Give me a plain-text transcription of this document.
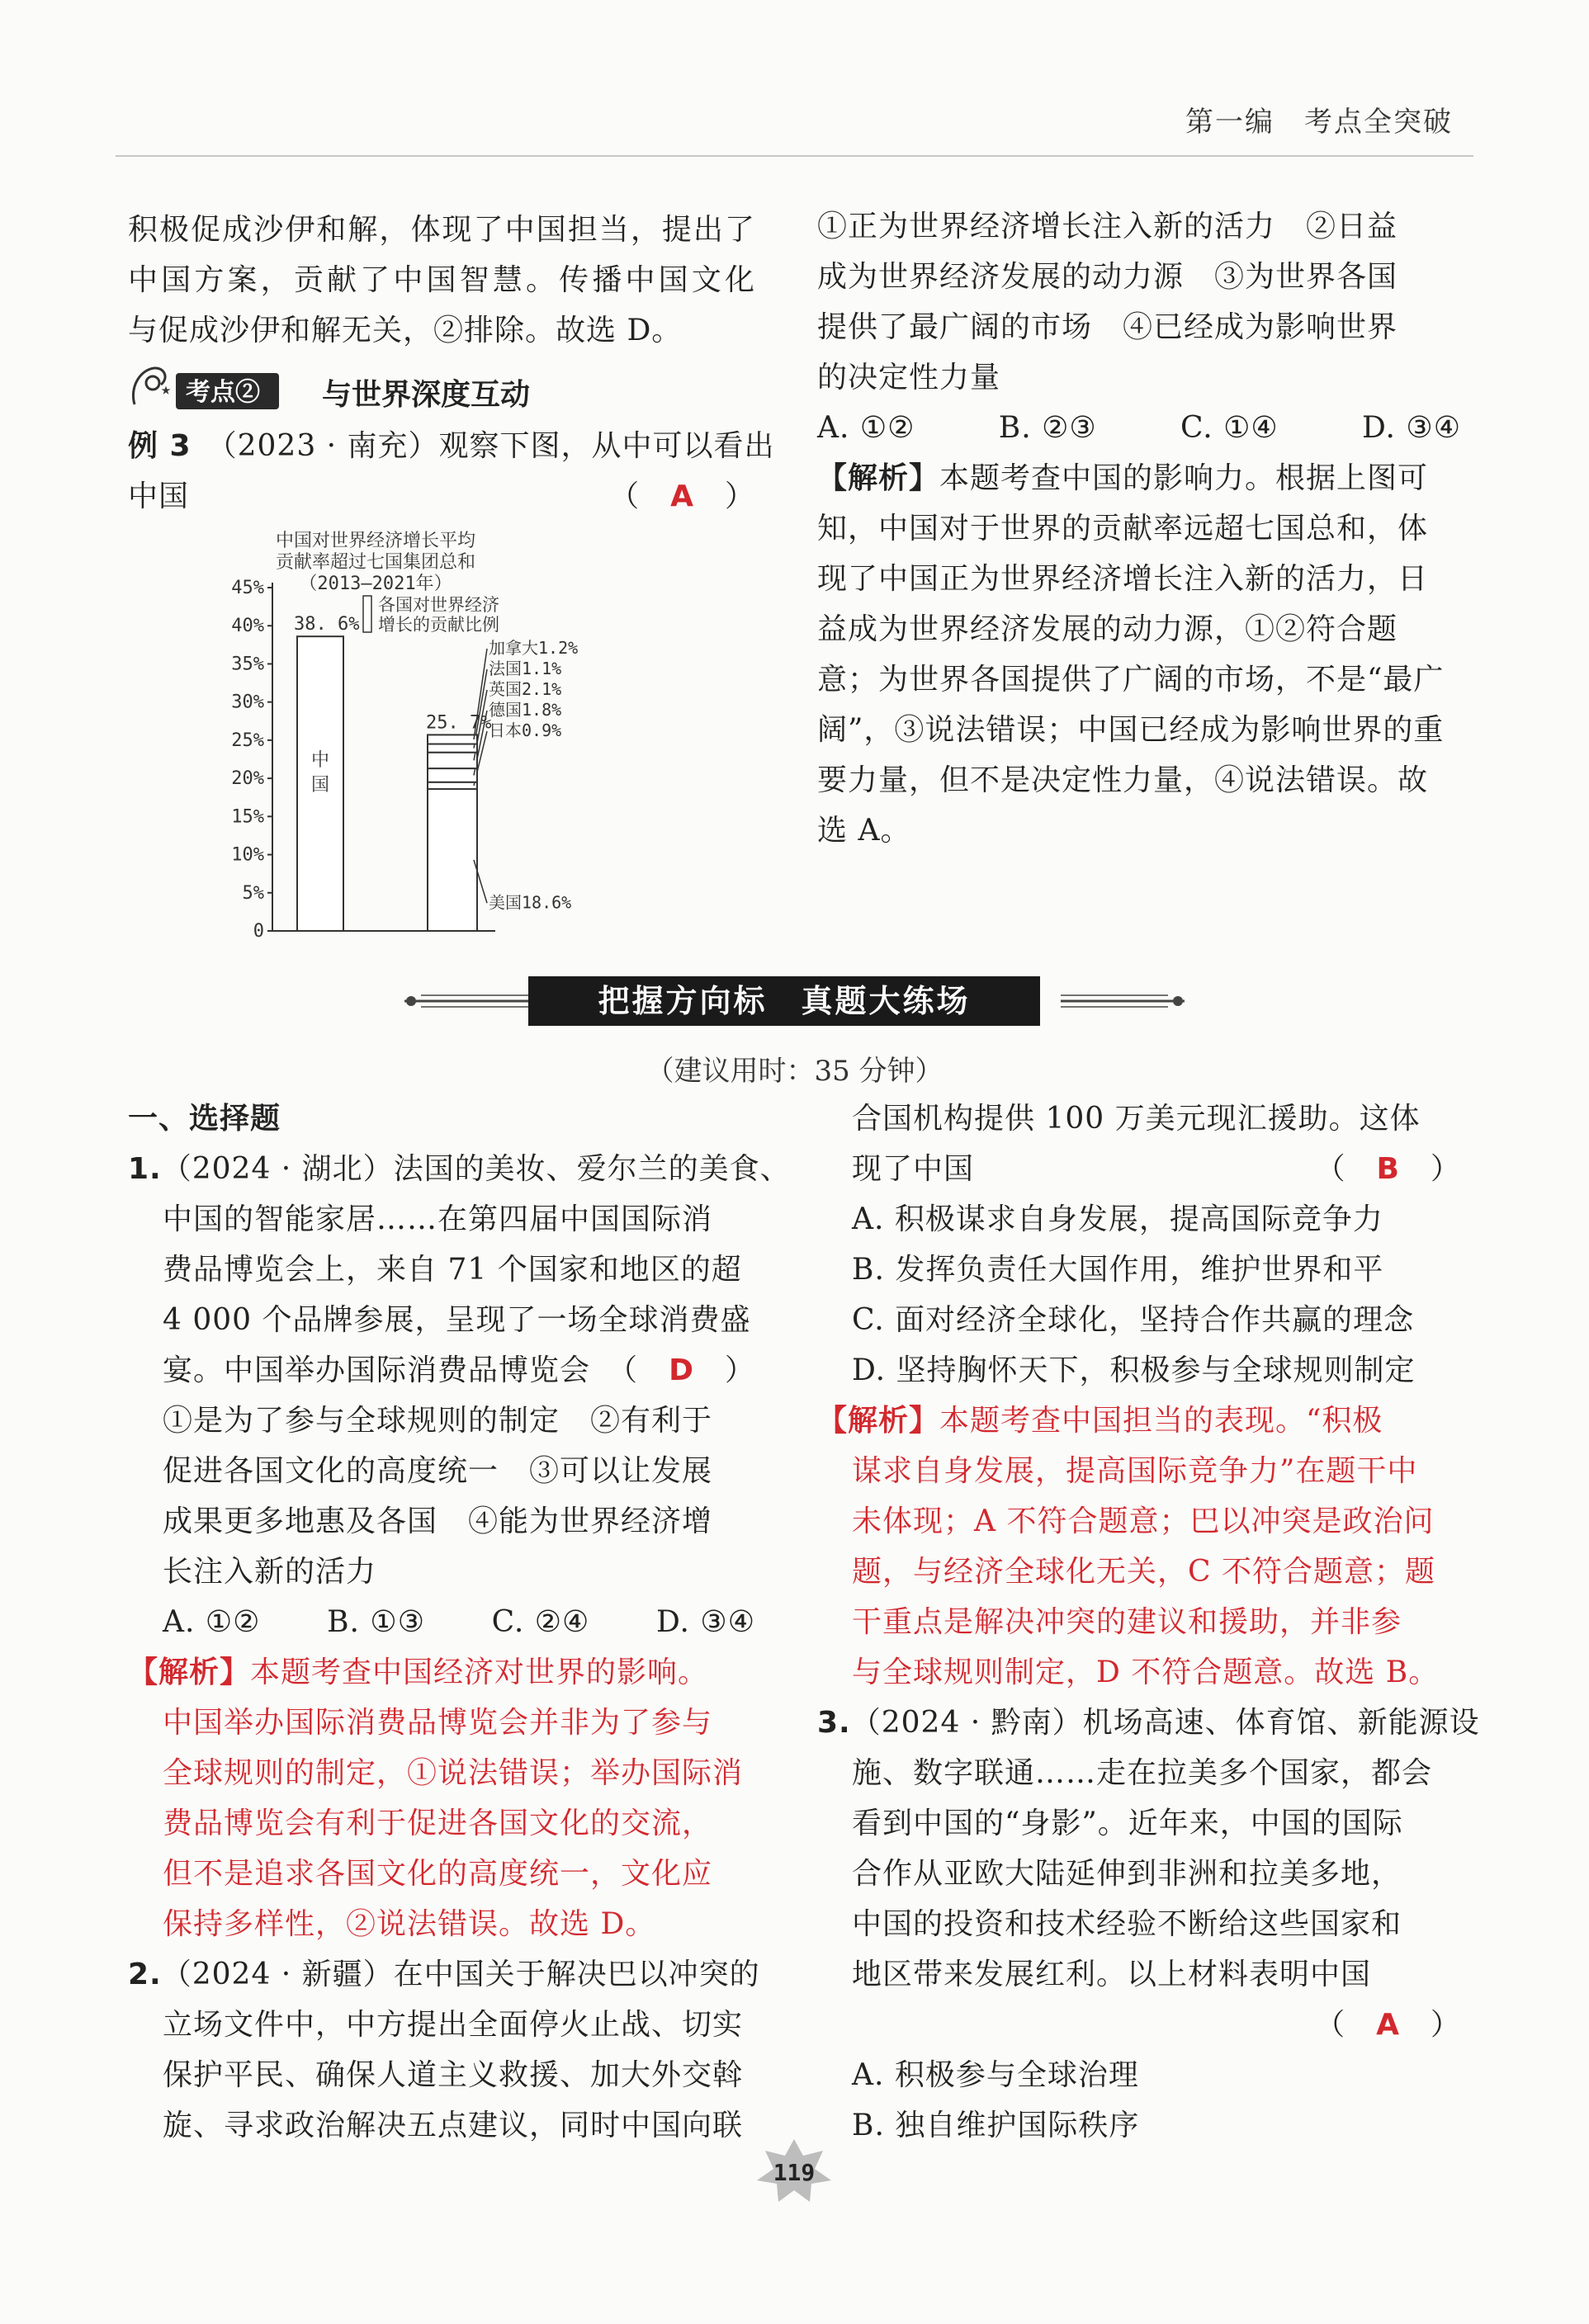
第一编　考点全突破
积极促成沙伊和解，体现了中国担当，提出了
中国方案，贡献了中国智慧。传播中国文化
与促成沙伊和解无关，②排除。故选 D。
★ 考点② 与世界深度互动
例 3　 （2023 · 南充）观察下图，从中可以看出
中国	（　 A　 ）
中国对世界经济增长平均
贡献率超过七国集团总和
（2013—2021年）
0
5%
10%
15%
20%
25%
30%
35%
40%
45%
38. 6%
中
国
美国18.6%
日本0.9%
德国1.8%
英国2.1%
法国1.1%
加拿大1.2%
25. 7%
各国对世界经济
增长的贡献比例
①正为世界经济增长注入新的活力　②日益
成为世界经济发展的动力源　③为世界各国
提供了最广阔的市场　④已经成为影响世界
的决定性力量
A. ①②	B. ②③	C. ①④	D. ③④
【解析】本题考查中国的影响力。根据上图可
知，中国对于世界的贡献率远超七国总和，体
现了中国正为世界经济增长注入新的活力，日
益成为世界经济发展的动力源，①②符合题
意；为世界各国提供了广阔的市场，不是“最广
阔”，③说法错误；中国已经成为影响世界的重
要力量，但不是决定性力量，④说法错误。故
选 A。
把握方向标　真题大练场
（建议用时：35 分钟）
一、选择题
1.（2024 · 湖北）法国的美妆、爱尔兰的美食、
中国的智能家居……在第四届中国国际消
费品博览会上，来自 71 个国家和地区的超
4 000 个品牌参展，呈现了一场全球消费盛
宴。中国举办国际消费品博览会 （　 D　 ）
①是为了参与全球规则的制定　②有利于
促进各国文化的高度统一　③可以让发展
成果更多地惠及各国　④能为世界经济增
长注入新的活力
A. ①② B. ①③ C. ②④ D. ③④
【解析】本题考查中国经济对世界的影响。
中国举办国际消费品博览会并非为了参与
全球规则的制定，①说法错误；举办国际消
费品博览会有利于促进各国文化的交流，
但不是追求各国文化的高度统一，文化应
保持多样性，②说法错误。故选 D。
2.（2024 · 新疆）在中国关于解决巴以冲突的
立场文件中，中方提出全面停火止战、切实
保护平民、确保人道主义救援、加大外交斡
旋、寻求政治解决五点建议，同时中国向联
合国机构提供 100 万美元现汇援助。这体
现了中国	（　 B　 ）
A. 积极谋求自身发展，提高国际竞争力
B. 发挥负责任大国作用，维护世界和平
C. 面对经济全球化，坚持合作共赢的理念
D. 坚持胸怀天下，积极参与全球规则制定
【解析】本题考查中国担当的表现。“积极
谋求自身发展，提高国际竞争力”在题干中
未体现；A 不符合题意；巴以冲突是政治问
题，与经济全球化无关，C 不符合题意；题
干重点是解决冲突的建议和援助，并非参
与全球规则制定，D 不符合题意。故选 B。
3.（2024 · 黔南）机场高速、体育馆、新能源设
施、数字联通……走在拉美多个国家，都会
看到中国的“身影”。近年来，中国的国际
合作从亚欧大陆延伸到非洲和拉美多地，
中国的投资和技术经验不断给这些国家和
地区带来发展红利。以上材料表明中国
（　 A　 ）
A. 积极参与全球治理
B. 独自维护国际秩序
119
